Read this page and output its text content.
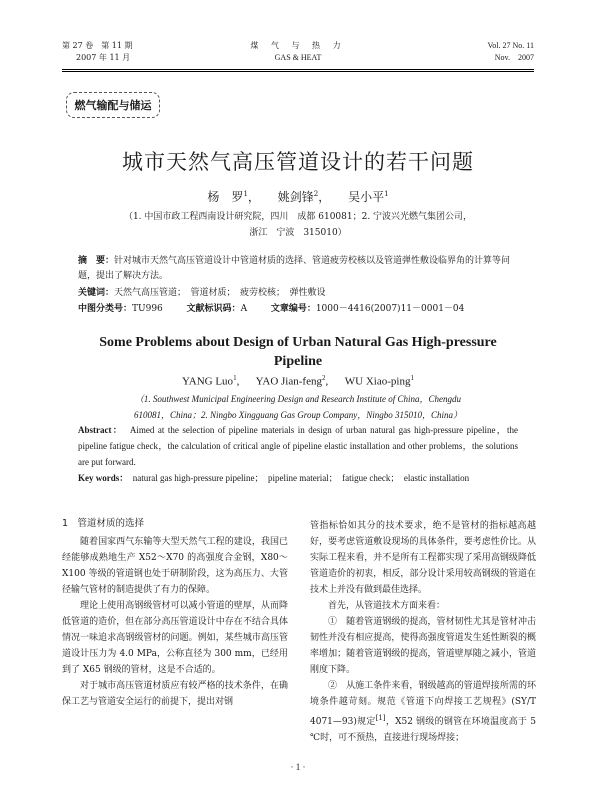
第 27 卷　第 11 期
2007 年 11 月
煤 气 与 热 力
GAS & HEAT
Vol. 27 No. 11
Nov.　2007
燃气输配与储运
城市天然气高压管道设计的若干问题
杨　罗$^1$， 姚剑锋$^2$， 吴小平$^1$
（1. 中国市政工程西南设计研究院，四川　成都 610081；2. 宁波兴光燃气集团公司，
浙江　宁波　315010）
摘　要：针对城市天然气高压管道设计中管道材质的选择、管道疲劳校核以及管道弹性敷设临界角的计算等问题，提出了解决方法。
关键词：天然气高压管道；　管道材质；　疲劳校核；　弹性敷设
中图分类号：TU996	文献标识码：A	文章编号：1000－4416(2007)11－0001－04
Some Problems about Design of Urban Natural Gas High-pressure
Pipeline
YANG Luo$^1$, YAO Jian-feng$^2$, WU Xiao-ping$^1$
（1. Southwest Municipal Engineering Design and Research Institute of China，Chengdu
610081，China；2. Ningbo Xingguang Gas Group Company，Ningbo 315010，China）
Abstract： Aimed at the selection of pipeline materials in design of urban natural gas high-pressure pipeline，the pipeline fatigue check，the calculation of critical angle of pipeline elastic installation and other problems，the solutions are put forward.
Key words： natural gas high-pressure pipeline；　pipeline material；　fatigue check；　elastic installation

1　管道材质的选择

随着国家西气东输等大型天然气工程的建设，我国已经能够成熟地生产 X52～X70 的高强度合金钢，X80～X100 等级的管道钢也处于研制阶段，这为高压力、大管径输气管材的制造提供了有力的保障。

理论上使用高钢级管材可以减小管道的壁厚，从而降低管道的造价，但在部分高压管道设计中存在不结合具体情况一味追求高钢级管材的问题。例如，某些城市高压管道设计压力为 4.0 MPa，公称直径为 300 mm，已经用到了 X65 钢级的管材，这是不合适的。

对于城市高压管道材质应有较严格的技术条件，在确保工艺与管道安全运行的前提下，提出对钢

管指标恰如其分的技术要求，绝不是管材的指标越高越好，要考虑管道敷设现场的具体条件，要考虑性价比。从实际工程来看，并不是所有工程都实现了采用高钢级降低管道造价的初衷，相反，部分设计采用较高钢级的管道在技术上并没有做到最佳选择。

首先，从管道技术方面来看：

①　随着管道钢级的提高，管材韧性尤其是管材冲击韧性并没有相应提高，使得高强度管道发生延性断裂的概率增加；随着管道钢级的提高，管道壁厚随之减小，管道刚度下降。

②　从施工条件来看，钢级越高的管道焊接所需的环境条件越苛刻。规范《管道下向焊接工艺规程》(SY/T 4071—93)规定[1]，X52 钢级的钢管在环境温度高于 5 ℃时，可不预热，直接进行现场焊接；

· 1 ·
